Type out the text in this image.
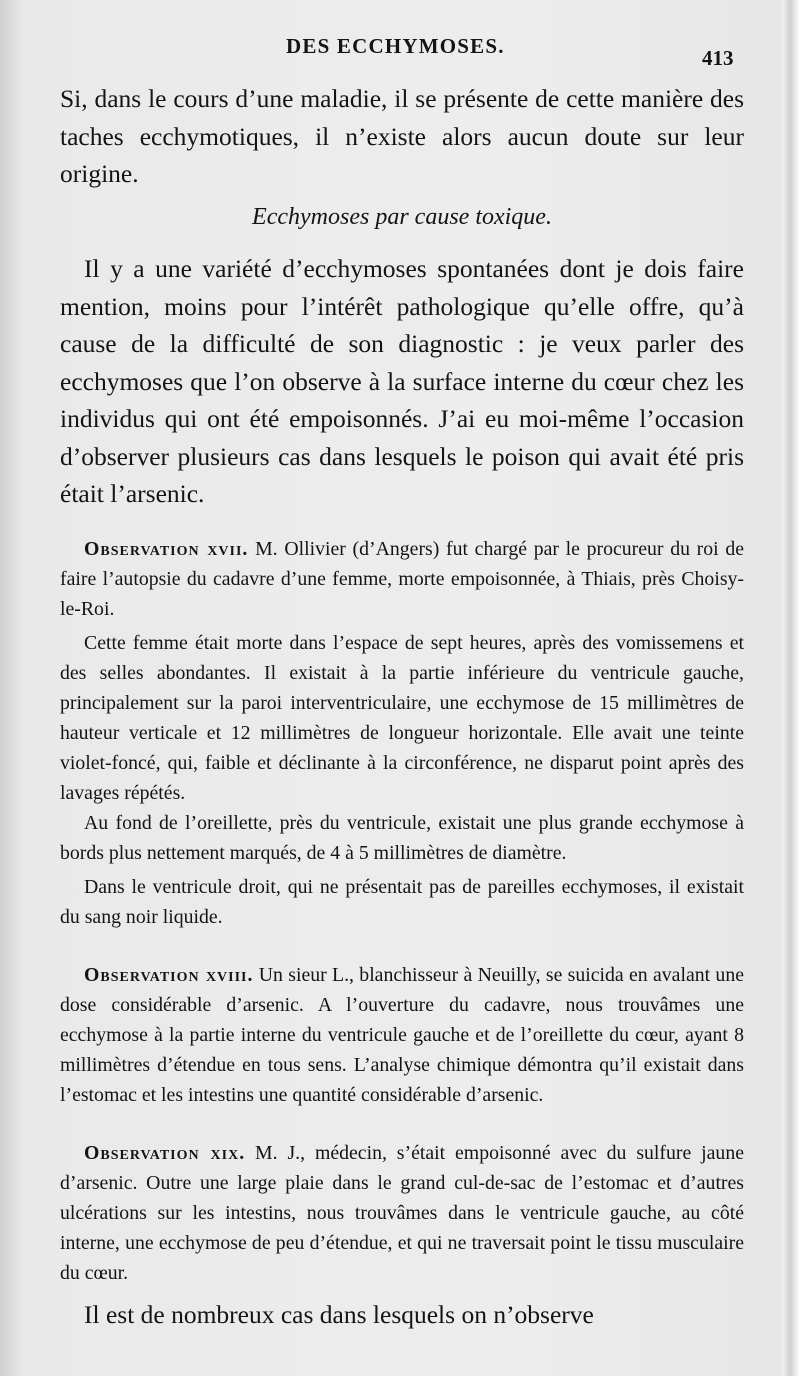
DES ECCHYMOSES.	413

Si, dans le cours d’une maladie, il se présente de cette manière des taches ecchymotiques, il n’existe alors aucun doute sur leur origine.

Ecchymoses par cause toxique.

Il y a une variété d’ecchymoses spontanées dont je dois faire mention, moins pour l’intérêt pathologique qu’elle offre, qu’à cause de la difficulté de son diagnostic : je veux parler des ecchymoses que l’on observe à la surface interne du cœur chez les individus qui ont été empoisonnés. J’ai eu moi-même l’occasion d’observer plusieurs cas dans lesquels le poison qui avait été pris était l’arsenic.

Observation xvii. M. Ollivier (d’Angers) fut chargé par le procureur du roi de faire l’autopsie du cadavre d’une femme, morte empoisonnée, à Thiais, près Choisy-le-Roi.

Cette femme était morte dans l’espace de sept heures, après des vomissemens et des selles abondantes. Il existait à la partie inférieure du ventricule gauche, principalement sur la paroi interventriculaire, une ecchymose de 15 millimètres de hauteur verticale et 12 millimètres de longueur horizontale. Elle avait une teinte violet-foncé, qui, faible et déclinante à la circonférence, ne disparut point après des lavages répétés.

Au fond de l’oreillette, près du ventricule, existait une plus grande ecchymose à bords plus nettement marqués, de 4 à 5 millimètres de diamètre.

Dans le ventricule droit, qui ne présentait pas de pareilles ecchymoses, il existait du sang noir liquide.

Observation xviii. Un sieur L., blanchisseur à Neuilly, se suicida en avalant une dose considérable d’arsenic. A l’ouverture du cadavre, nous trouvâmes une ecchymose à la partie interne du ventricule gauche et de l’oreillette du cœur, ayant 8 millimètres d’étendue en tous sens. L’analyse chimique démontra qu’il existait dans l’estomac et les intestins une quantité considérable d’arsenic.

Observation xix. M. J., médecin, s’était empoisonné avec du sulfure jaune d’arsenic. Outre une large plaie dans le grand cul-de-sac de l’estomac et d’autres ulcérations sur les intestins, nous trouvâmes dans le ventricule gauche, au côté interne, une ecchymose de peu d’étendue, et qui ne traversait point le tissu musculaire du cœur.

Il est de nombreux cas dans lesquels on n’observe
